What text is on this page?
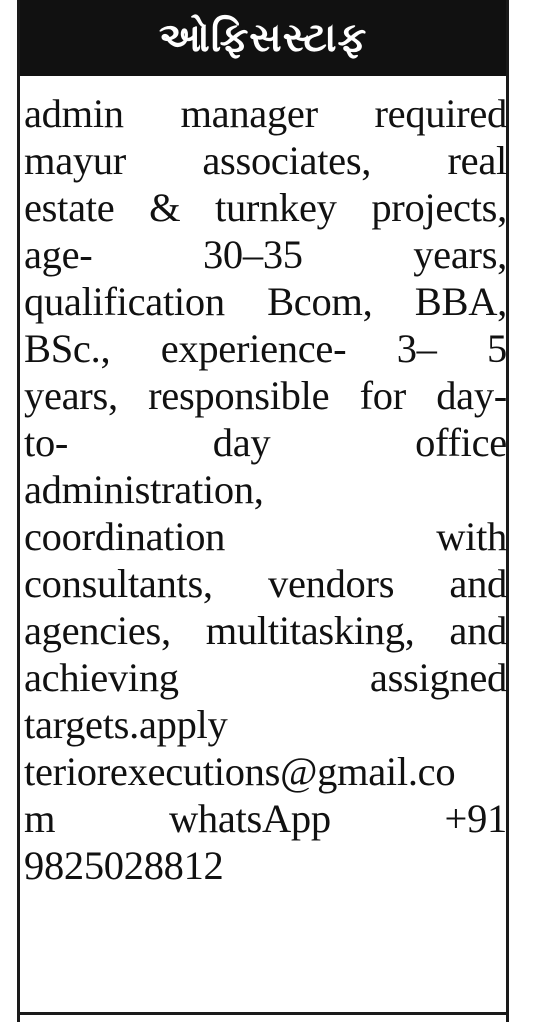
ઓફિસસ્ટાફ
admin manager required
mayur associates, real
estate & turnkey projects,
age-	30–35	years,
qualification Bcom, BBA,
BSc., experience- 3– 5
years, responsible for day-
to-	day	office
administration,
coordination	with
consultants, vendors and
agencies, multitasking, and
achieving	assigned
targets.apply
teriorexecutions@gmail.co
m	whatsApp	+91
9825028812
